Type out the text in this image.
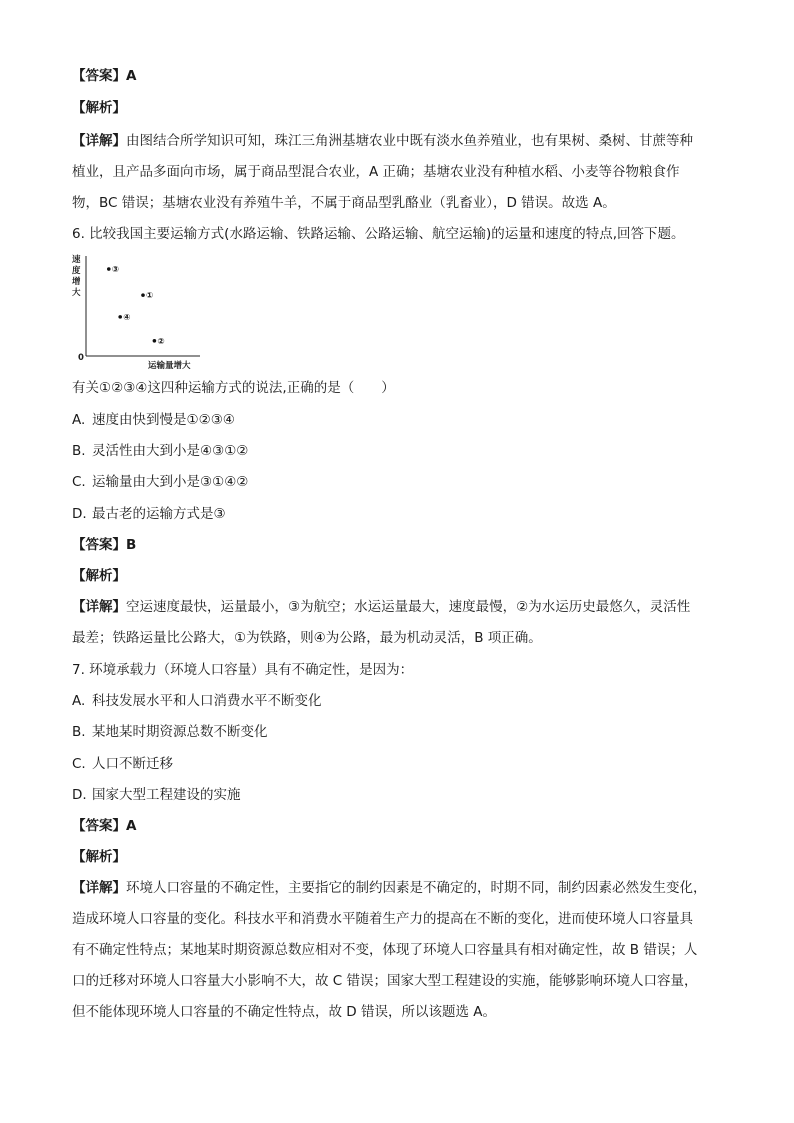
【答案】A
【解析】
【详解】由图结合所学知识可知，珠江三角洲基塘农业中既有淡水鱼养殖业，也有果树、桑树、甘蔗等种
植业，且产品多面向市场，属于商品型混合农业，A 正确；基塘农业没有种植水稻、小麦等谷物粮食作
物，BC 错误；基塘农业没有养殖牛羊，不属于商品型乳酪业（乳畜业），D 错误。故选 A。
6. 比较我国主要运输方式(水路运输、铁路运输、公路运输、航空运输)的运量和速度的特点,回答下题。
0
速
度
增
大
运输量增大
③
①
④
②
有关①②③④这四种运输方式的说法,正确的是（　　）
A. 速度由快到慢是①②③④
B. 灵活性由大到小是④③①②
C. 运输量由大到小是③①④②
D. 最古老的运输方式是③
【答案】B
【解析】
【详解】空运速度最快，运量最小，③为航空；水运运量最大，速度最慢，②为水运历史最悠久，灵活性
最差；铁路运量比公路大，①为铁路，则④为公路，最为机动灵活，B 项正确。
7. 环境承载力（环境人口容量）具有不确定性，是因为：
A. 科技发展水平和人口消费水平不断变化
B. 某地某时期资源总数不断变化
C. 人口不断迁移
D. 国家大型工程建设的实施
【答案】A
【解析】
【详解】环境人口容量的不确定性，主要指它的制约因素是不确定的，时期不同，制约因素必然发生变化，
造成环境人口容量的变化。科技水平和消费水平随着生产力的提高在不断的变化，进而使环境人口容量具
有不确定性特点；某地某时期资源总数应相对不变，体现了环境人口容量具有相对确定性，故 B 错误；人
口的迁移对环境人口容量大小影响不大，故 C 错误；国家大型工程建设的实施，能够影响环境人口容量，
但不能体现环境人口容量的不确定性特点，故 D 错误，所以该题选 A。
